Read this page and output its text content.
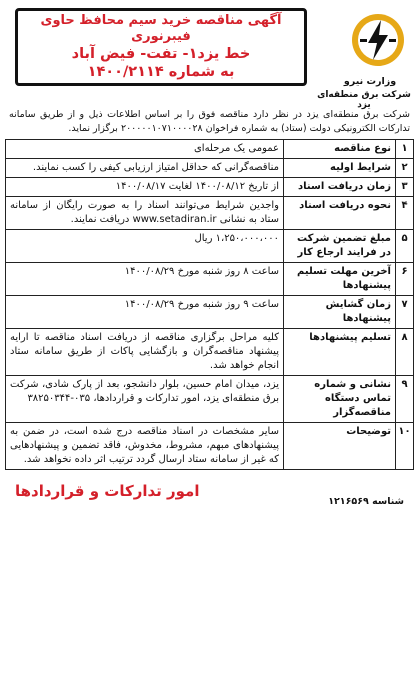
وزارت نیرو
شرکت برق منطقه‌ای یزد
آگهی مناقصه خرید سیم محافظ حاوی فیبرنوری
خط یزد۱- تفت- فیض آباد
به شماره ۱۴۰۰/۲۱۱۴

شرکت برق منطقه‌ای یزد در نظر دارد مناقصه فوق را بر اساس اطلاعات ذیل و از طریق سامانه تدارکات الکترونیکی دولت (ستاد) به شماره فراخوان ۲۰۰۰۰۰۱۰۷۱۰۰۰۰۲۸ برگزار نماید.

۱	نوع مناقصه	عمومی یک مرحله‌ای
۲	شرایط اولیه	مناقصه‌گرانی که حداقل امتیاز ارزیابی کیفی را کسب نمایند.
۳	زمان دریافت اسناد	از تاریخ ۱۴۰۰/۰۸/۱۲ لغایت ۱۴۰۰/۰۸/۱۷
۴	نحوه دریافت اسناد	واجدین شرایط می‌توانند اسناد را به صورت رایگان از سامانه ستاد به نشانی www.setadiran.ir دریافت نمایند.
۵	مبلغ تضمین شرکت در فرایند ارجاع کار	۱،۲۵۰،۰۰۰،۰۰۰ ریال
۶	آخرین مهلت تسلیم پیشنهادها	ساعت ۸ روز شنبه مورخ ۱۴۰۰/۰۸/۲۹
۷	زمان گشایش پیشنهادها	ساعت ۹ روز شنبه مورخ ۱۴۰۰/۰۸/۲۹
۸	تسلیم پیشنهادها	کلیه مراحل برگزاری مناقصه از دریافت اسناد مناقصه تا ارایه پیشنهاد مناقصه‌گران و بازگشایی پاکات از طریق سامانه ستاد انجام خواهد شد.
۹	نشانی و شماره تماس دستگاه مناقصه‌گزار	یزد، میدان امام حسین، بلوار دانشجو، بعد از پارک شادی، شرکت برق منطقه‌ای یزد، امور تدارکات و قراردادها، ۰۳۵-۳۸۲۵۰۳۴۴
۱۰	توضیحات	سایر مشخصات در اسناد مناقصه درج شده است، در ضمن به پیشنهادهای مبهم، مشروط، مخدوش، فاقد تضمین و پیشنهادهایی که غیر از سامانه ستاد ارسال گردد ترتیب اثر داده نخواهد شد.
شناسه ۱۲۱۶۵۶۹
امور تدارکات و قراردادها
